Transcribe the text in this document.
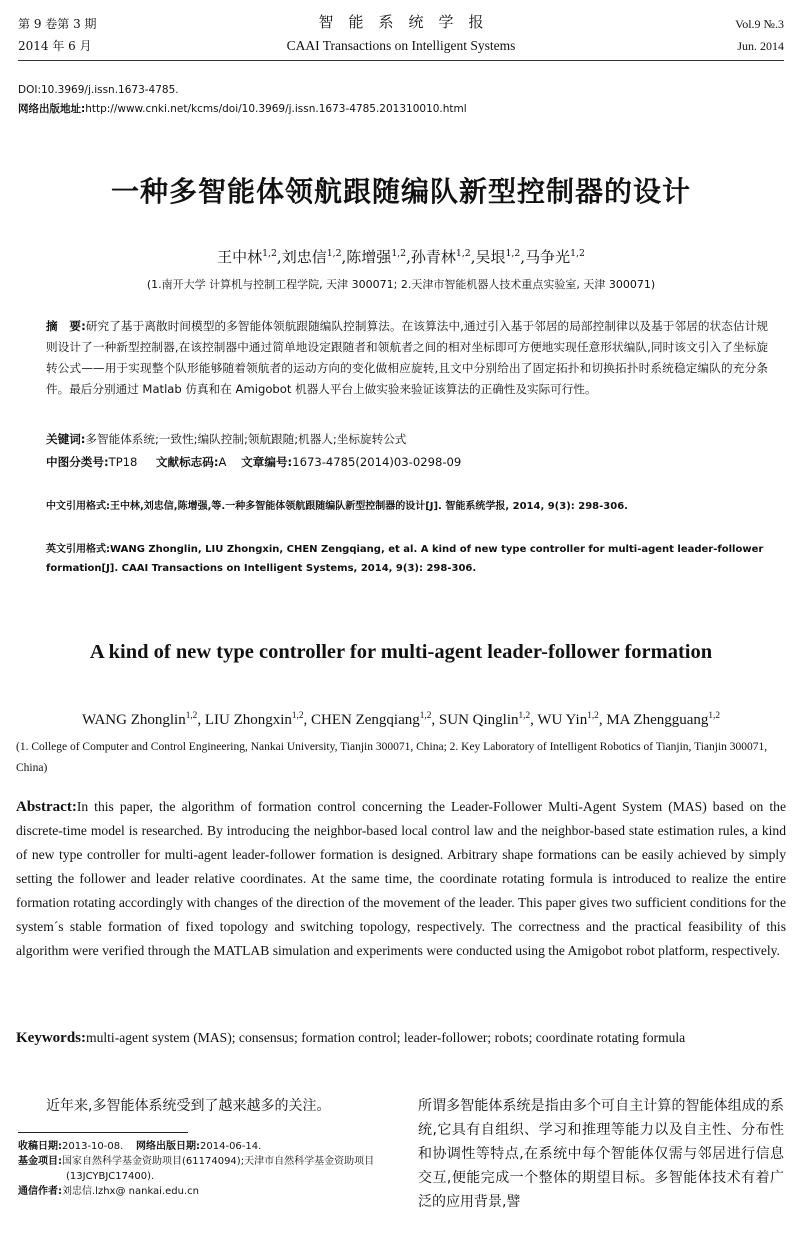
第 9 卷第 3 期
2014 年 6 月
智　能　系　统　学　报
CAAI Transactions on Intelligent Systems
Vol.9 №.3
Jun. 2014
DOI:10.3969/j.issn.1673-4785.
网络出版地址:http://www.cnki.net/kcms/doi/10.3969/j.issn.1673-4785.201310010.html
一种多智能体领航跟随编队新型控制器的设计
王中林$^{1,2}$,刘忠信$^{1,2}$,陈增强$^{1,2}$,孙青林$^{1,2}$,吴垠$^{1,2}$,马争光$^{1,2}$
(1.南开大学 计算机与控制工程学院, 天津 300071; 2.天津市智能机器人技术重点实验室, 天津 300071)
摘　要:研究了基于离散时间模型的多智能体领航跟随编队控制算法。在该算法中,通过引入基于邻居的局部控制律以及基于邻居的状态估计规则设计了一种新型控制器,在该控制器中通过简单地设定跟随者和领航者之间的相对坐标即可方便地实现任意形状编队,同时该文引入了坐标旋转公式——用于实现整个队形能够随着领航者的运动方向的变化做相应旋转,且文中分别给出了固定拓扑和切换拓扑时系统稳定编队的充分条件。最后分别通过 Matlab 仿真和在 Amigobot 机器人平台上做实验来验证该算法的正确性及实际可行性。
关键词:多智能体系统;一致性;编队控制;领航跟随;机器人;坐标旋转公式
中图分类号:TP18 文献标志码:A 文章编号:1673-4785(2014)03-0298-09
中文引用格式:王中林,刘忠信,陈增强,等.一种多智能体领航跟随编队新型控制器的设计[J]. 智能系统学报, 2014, 9(3): 298-306.
英文引用格式:WANG Zhonglin, LIU Zhongxin, CHEN Zengqiang, et al. A kind of new type controller for multi-agent leader-follower formation[J]. CAAI Transactions on Intelligent Systems, 2014, 9(3): 298-306.
A kind of new type controller for multi-agent leader-follower formation
WANG Zhonglin$^{1,2}$, LIU Zhongxin$^{1,2}$, CHEN Zengqiang$^{1,2}$, SUN Qinglin$^{1,2}$, WU Yin$^{1,2}$, MA Zhengguang$^{1,2}$
(1. College of Computer and Control Engineering, Nankai University, Tianjin 300071, China; 2. Key Laboratory of Intelligent Robotics of Tianjin, Tianjin 300071, China)
Abstract:In this paper, the algorithm of formation control concerning the Leader-Follower Multi-Agent System (MAS) based on the discrete-time model is researched. By introducing the neighbor-based local control law and the neighbor-based state estimation rules, a kind of new type controller for multi-agent leader-follower formation is designed. Arbitrary shape formations can be easily achieved by simply setting the follower and leader relative coordinates. At the same time, the coordinate rotating formula is introduced to realize the entire formation rotating accordingly with changes of the direction of the movement of the leader. This paper gives two sufficient conditions for the system´s stable formation of fixed topology and switching topology, respectively. The correctness and the practical feasibility of this algorithm were verified through the MATLAB simulation and experiments were conducted using the Amigobot robot platform, respectively.
Keywords:multi-agent system (MAS); consensus; formation control; leader-follower; robots; coordinate rotating formula
近年来,多智能体系统受到了越来越多的关注。
收稿日期:2013-10-08. 网络出版日期:2014-06-14.
基金项目:国家自然科学基金资助项目(61174094);天津市自然科学基金资助项目(13JCYBJC17400).
通信作者:刘忠信.lzhx@ nankai.edu.cn
所谓多智能体系统是指由多个可自主计算的智能体组成的系统,它具有自组织、学习和推理等能力以及自主性、分布性和协调性等特点,在系统中每个智能体仅需与邻居进行信息交互,便能完成一个整体的期望目标。多智能体技术有着广泛的应用背景,譬
